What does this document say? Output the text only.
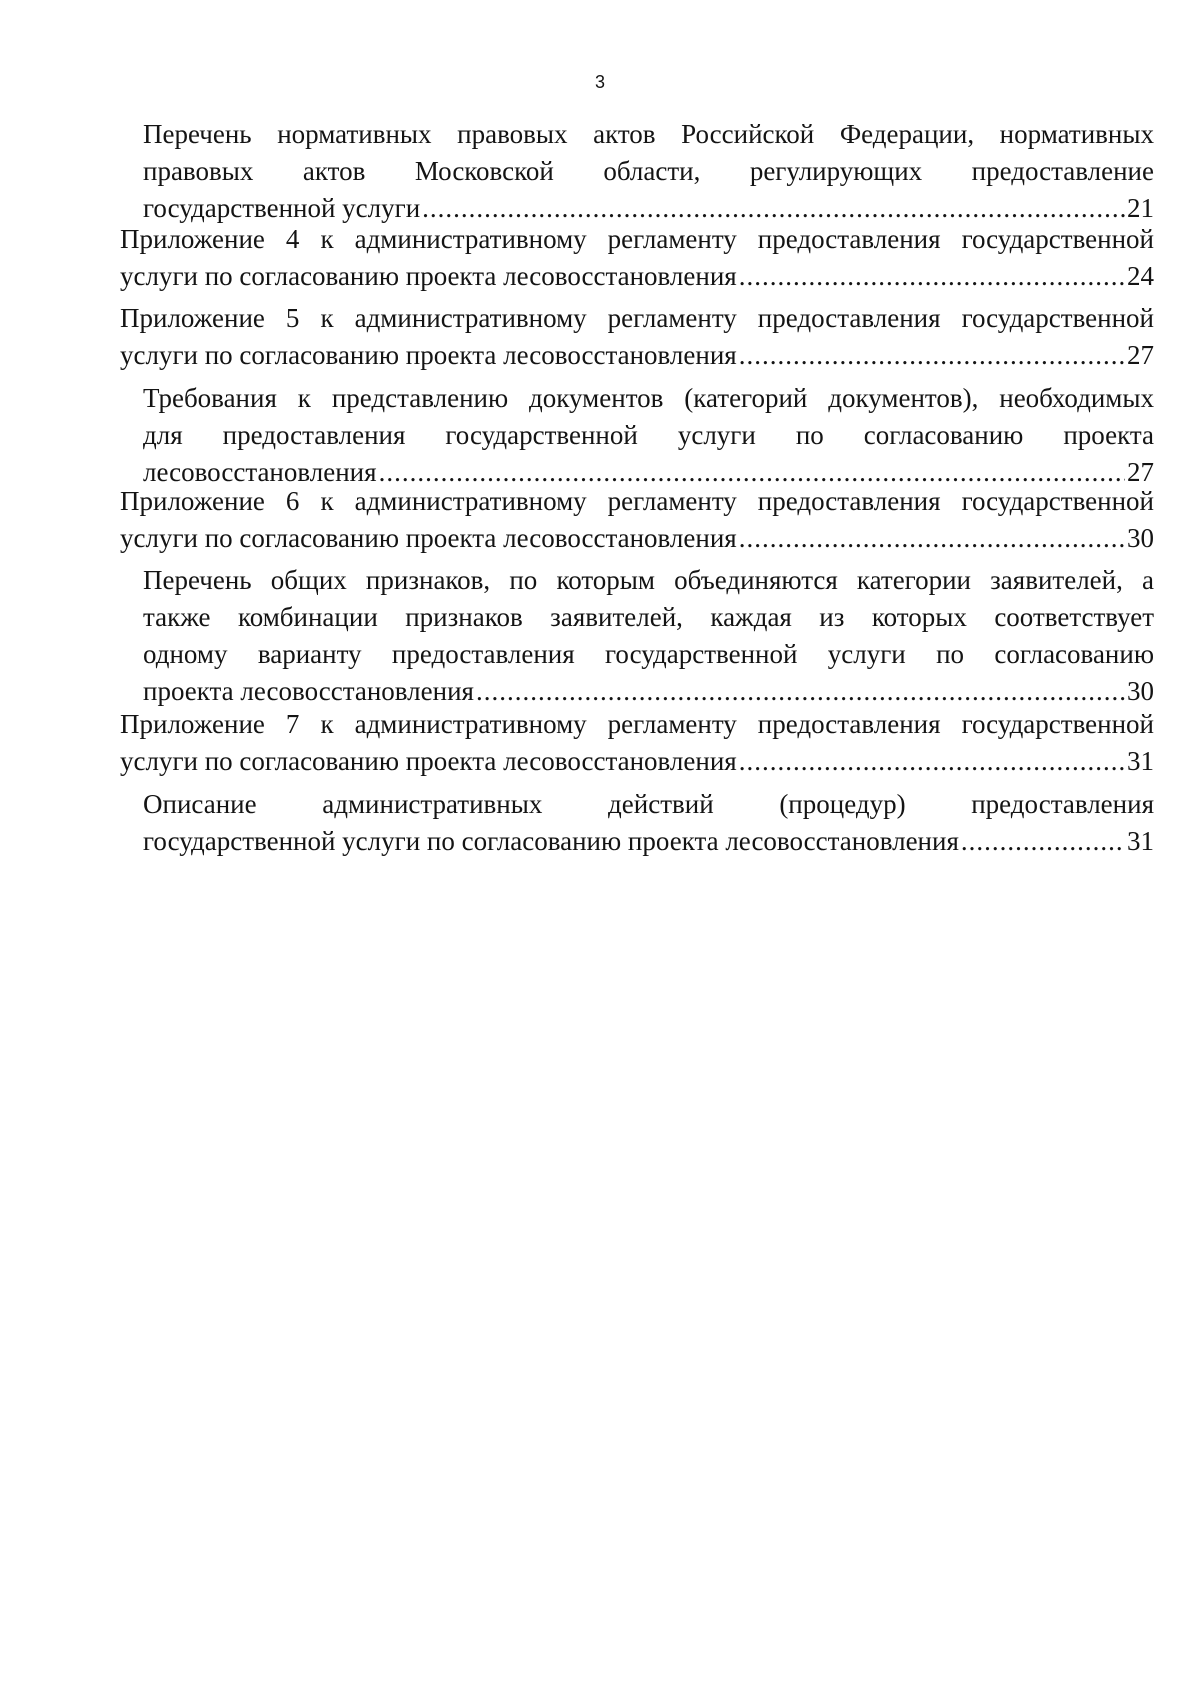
3
Перечень нормативных правовых актов Российской Федерации, нормативных
правовых актов Московской области, регулирующих предоставление
государственной услуги .....	21
Приложение 4 к административному регламенту предоставления государственной
услуги по согласованию проекта лесовосстановления .....	24
Приложение 5 к административному регламенту предоставления государственной
услуги по согласованию проекта лесовосстановления .....	27
Требования к представлению документов (категорий документов), необходимых
для предоставления государственной услуги по согласованию проекта
лесовосстановления .....	27
Приложение 6 к административному регламенту предоставления государственной
услуги по согласованию проекта лесовосстановления .....	30
Перечень общих признаков, по которым объединяются категории заявителей, а
также комбинации признаков заявителей, каждая из которых соответствует
одному варианту предоставления государственной услуги по согласованию
проекта лесовосстановления .....	30
Приложение 7 к административному регламенту предоставления государственной
услуги по согласованию проекта лесовосстановления .....	31
Описание административных действий (процедур) предоставления
государственной услуги по согласованию проекта лесовосстановления .....	31
